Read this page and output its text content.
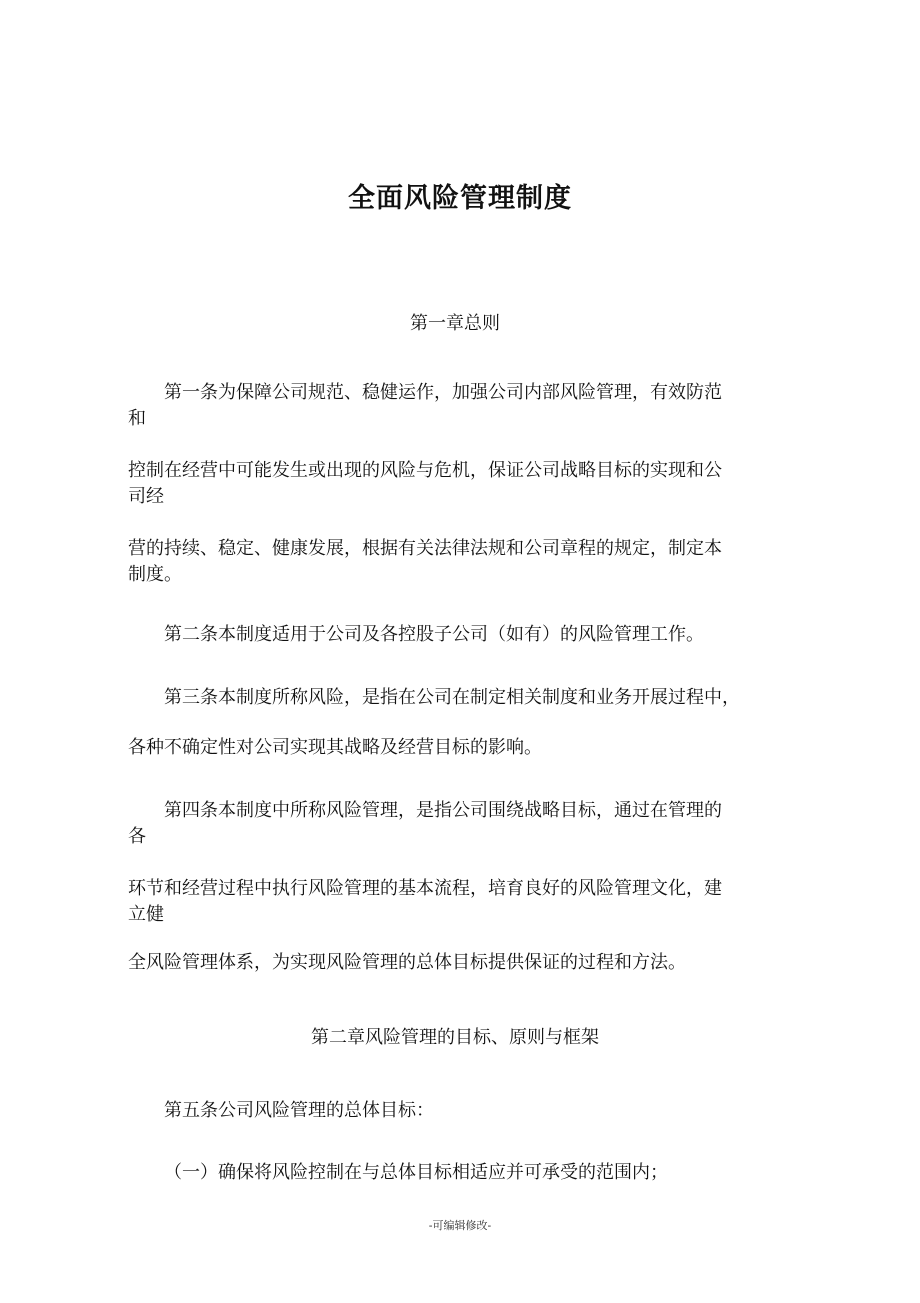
全面风险管理制度

第一章总则

第一条为保障公司规范、稳健运作，加强公司内部风险管理，有效防范

和

控制在经营中可能发生或出现的风险与危机，保证公司战略目标的实现和公

司经

营的持续、稳定、健康发展，根据有关法律法规和公司章程的规定，制定本

制度。

第二条本制度适用于公司及各控股子公司（如有）的风险管理工作。

第三条本制度所称风险，是指在公司在制定相关制度和业务开展过程中，

各种不确定性对公司实现其战略及经营目标的影响。

第四条本制度中所称风险管理，是指公司围绕战略目标，通过在管理的

各

环节和经营过程中执行风险管理的基本流程，培育良好的风险管理文化，建

立健

全风险管理体系，为实现风险管理的总体目标提供保证的过程和方法。

第二章风险管理的目标、原则与框架

第五条公司风险管理的总体目标：

（一）确保将风险控制在与总体目标相适应并可承受的范围内；

-可编辑修改-
